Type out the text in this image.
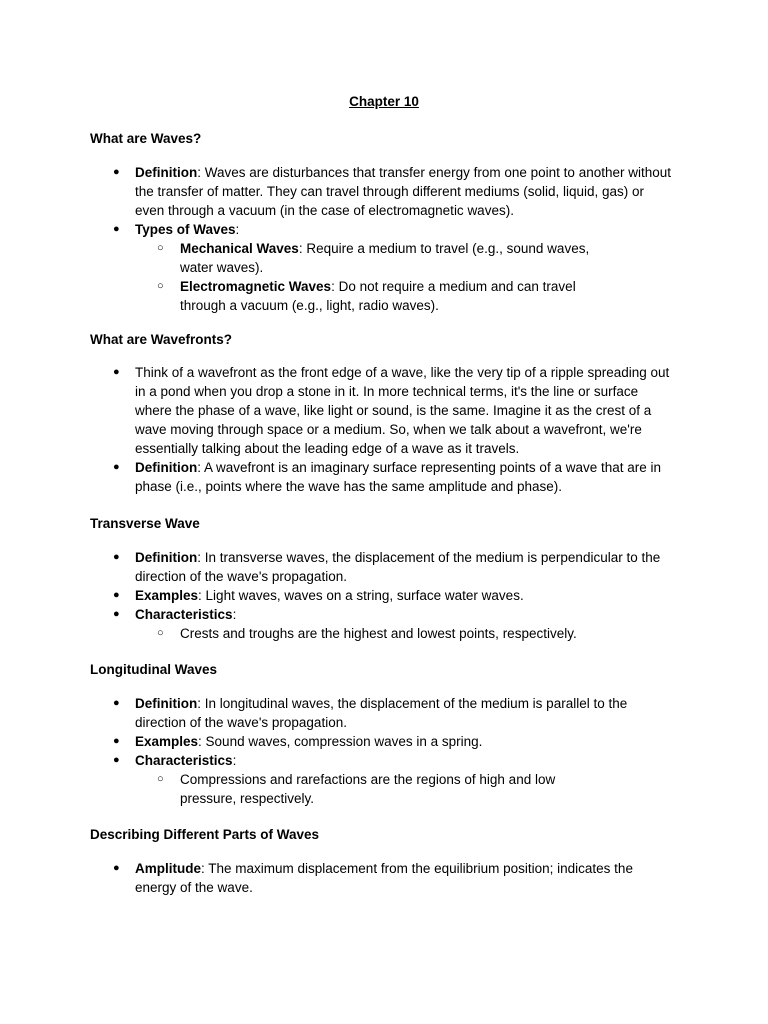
Chapter 10
What are Waves?
● Definition: Waves are disturbances that transfer energy from one point to another without the transfer of matter. They can travel through different mediums (solid, liquid, gas) or even through a vacuum (in the case of electromagnetic waves).
● Types of Waves:
○ Mechanical Waves: Require a medium to travel (e.g., sound waves, water waves).
○ Electromagnetic Waves: Do not require a medium and can travel through a vacuum (e.g., light, radio waves).
What are Wavefronts?
● Think of a wavefront as the front edge of a wave, like the very tip of a ripple spreading out in a pond when you drop a stone in it. In more technical terms, it's the line or surface where the phase of a wave, like light or sound, is the same. Imagine it as the crest of a wave moving through space or a medium. So, when we talk about a wavefront, we're essentially talking about the leading edge of a wave as it travels.
● Definition: A wavefront is an imaginary surface representing points of a wave that are in phase (i.e., points where the wave has the same amplitude and phase).
Transverse Wave
● Definition: In transverse waves, the displacement of the medium is perpendicular to the direction of the wave's propagation.
● Examples: Light waves, waves on a string, surface water waves.
● Characteristics:
○ Crests and troughs are the highest and lowest points, respectively.
Longitudinal Waves
● Definition: In longitudinal waves, the displacement of the medium is parallel to the direction of the wave's propagation.
● Examples: Sound waves, compression waves in a spring.
● Characteristics:
○ Compressions and rarefactions are the regions of high and low pressure, respectively.
Describing Different Parts of Waves
● Amplitude: The maximum displacement from the equilibrium position; indicates the energy of the wave.
